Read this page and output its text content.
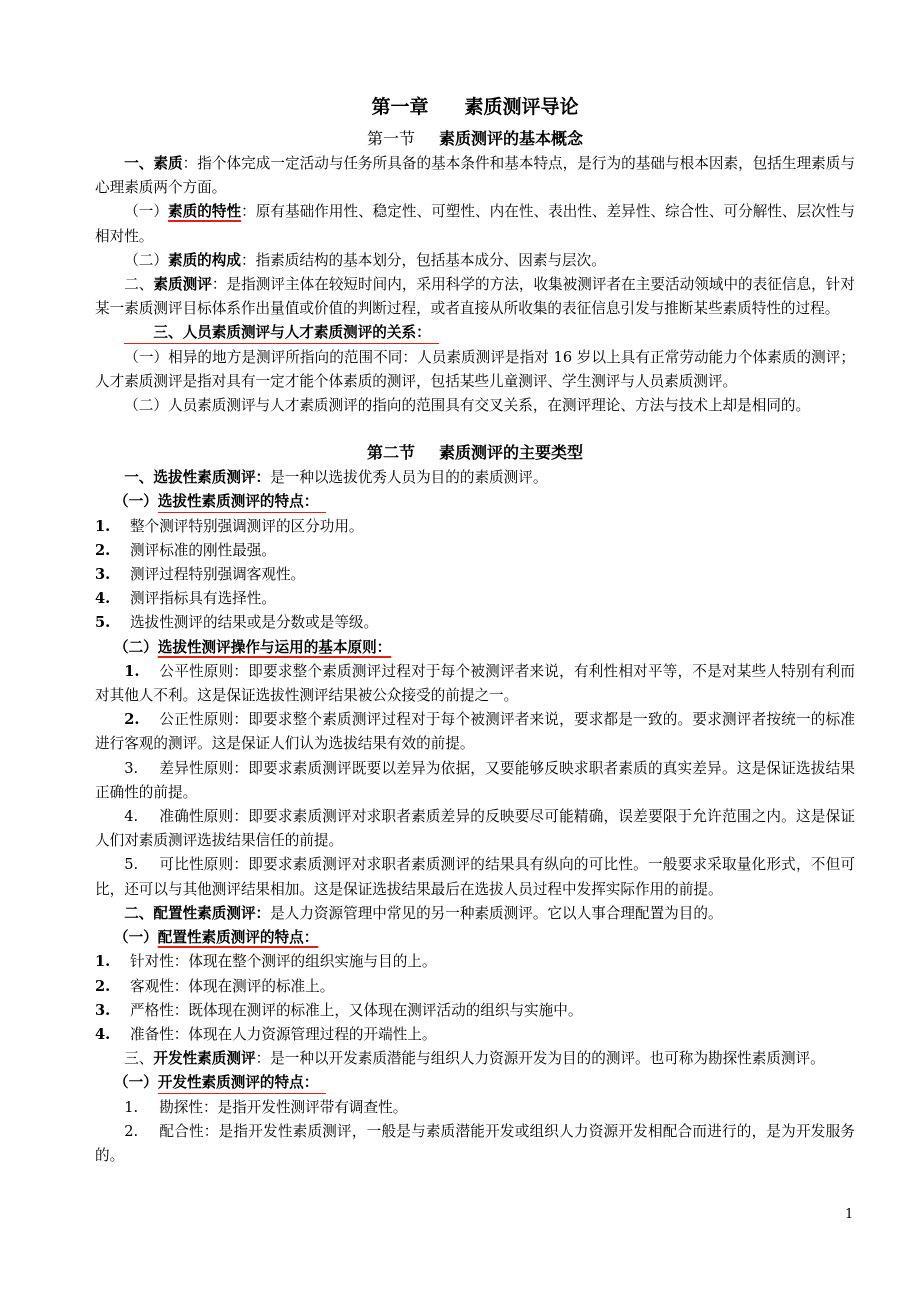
第一章 素质测评导论
第一节 素质测评的基本概念

一、素质：指个体完成一定活动与任务所具备的基本条件和基本特点，是行为的基础与根本因素，包括生理素质与心理素质两个方面。

（一）素质的特性：原有基础作用性、稳定性、可塑性、内在性、表出性、差异性、综合性、可分解性、层次性与相对性。

（二）素质的构成：指素质结构的基本划分，包括基本成分、因素与层次。

二、素质测评：是指测评主体在较短时间内，采用科学的方法，收集被测评者在主要活动领域中的表征信息，针对某一素质测评目标体系作出量值或价值的判断过程，或者直接从所收集的表征信息引发与推断某些素质特性的过程。

三、人员素质测评与人才素质测评的关系：

（一）相异的地方是测评所指向的范围不同：人员素质测评是指对 16 岁以上具有正常劳动能力个体素质的测评；人才素质测评是指对具有一定才能个体素质的测评，包括某些儿童测评、学生测评与人员素质测评。

（二）人员素质测评与人才素质测评的指向的范围具有交叉关系，在测评理论、方法与技术上却是相同的。

第二节 素质测评的主要类型

一、选拔性素质测评：是一种以选拔优秀人员为目的的素质测评。

（一）选拔性素质测评的特点：

1.	整个测评特别强调测评的区分功用。
2.	测评标准的刚性最强。
3.	测评过程特别强调客观性。
4.	测评指标具有选择性。
5.	选拔性测评的结果或是分数或是等级。

（二）选拔性测评操作与运用的基本原则：

1. 公平性原则：即要求整个素质测评过程对于每个被测评者来说，有利性相对平等，不是对某些人特别有利而对其他人不利。这是保证选拔性测评结果被公众接受的前提之一。

2. 公正性原则：即要求整个素质测评过程对于每个被测评者来说，要求都是一致的。要求测评者按统一的标准进行客观的测评。这是保证人们认为选拔结果有效的前提。

3. 差异性原则：即要求素质测评既要以差异为依据，又要能够反映求职者素质的真实差异。这是保证选拔结果正确性的前提。

4. 准确性原则：即要求素质测评对求职者素质差异的反映要尽可能精确，误差要限于允许范围之内。这是保证人们对素质测评选拔结果信任的前提。

5. 可比性原则：即要求素质测评对求职者素质测评的结果具有纵向的可比性。一般要求采取量化形式，不但可比，还可以与其他测评结果相加。这是保证选拔结果最后在选拔人员过程中发挥实际作用的前提。

二、配置性素质测评：是人力资源管理中常见的另一种素质测评。它以人事合理配置为目的。

（一）配置性素质测评的特点：

1.	针对性：体现在整个测评的组织实施与目的上。
2.	客观性：体现在测评的标准上。
3.	严格性：既体现在测评的标准上，又体现在测评活动的组织与实施中。
4.	准备性：体现在人力资源管理过程的开端性上。

三、开发性素质测评：是一种以开发素质潜能与组织人力资源开发为目的的测评。也可称为勘探性素质测评。

（一）开发性素质测评的特点：

1. 勘探性：是指开发性测评带有调查性。

2. 配合性：是指开发性素质测评，一般是与素质潜能开发或组织人力资源开发相配合而进行的，是为开发服务的。

1
